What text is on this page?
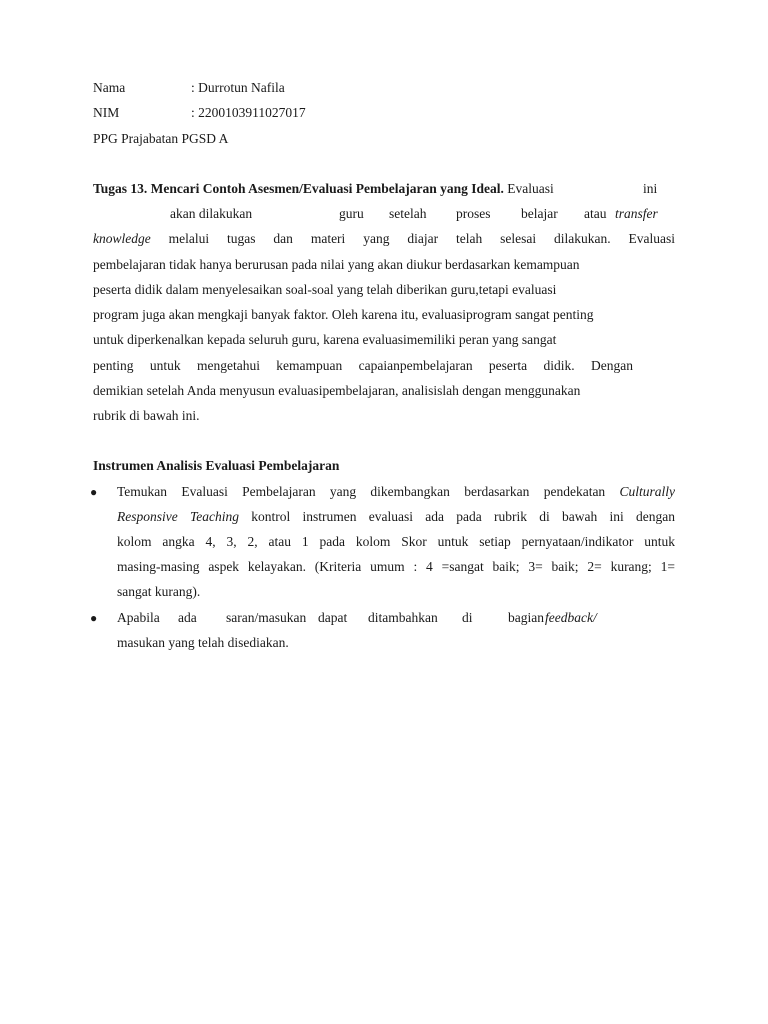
Nama	: Durrotun Nafila
NIM	: 2200103911027017
PPG Prajabatan PGSD A
Tugas 13. Mencari Contoh Asesmen/Evaluasi Pembelajaran yang Ideal. Evaluasi	ini
akan dilakukan	guru setelah proses belajar atau transfer
knowledge melalui tugas dan materi yang diajar telah selesai dilakukan. Evaluasi
pembelajaran tidak hanya berurusan pada nilai yang akan diukur berdasarkan kemampuan
peserta didik dalam menyelesaikan soal-soal yang telah diberikan guru,tetapi evaluasi
program juga akan mengkaji banyak faktor. Oleh karena itu, evaluasiprogram sangat penting
untuk diperkenalkan kepada seluruh guru, karena evaluasimemiliki peran yang sangat
penting untuk mengetahui kemampuan capaianpembelajaran peserta didik. Dengan
demikian setelah Anda menyusun evaluasipembelajaran, analisislah dengan menggunakan
rubrik di bawah ini.
Instrumen Analisis Evaluasi Pembelajaran
● Temukan Evaluasi Pembelajaran yang dikembangkan berdasarkan pendekatan Culturally
Responsive Teaching kontrol instrumen evaluasi ada pada rubrik di bawah ini dengan
kolom angka 4, 3, 2, atau 1 pada kolom Skor untuk setiap pernyataan/indikator untuk
masing-masing aspek kelayakan. (Kriteria umum : 4 =sangat baik; 3= baik; 2= kurang; 1=
sangat kurang).
● Apabila ada saran/masukan dapat ditambahkan di	bagian feedback/
masukan yang telah disediakan.
